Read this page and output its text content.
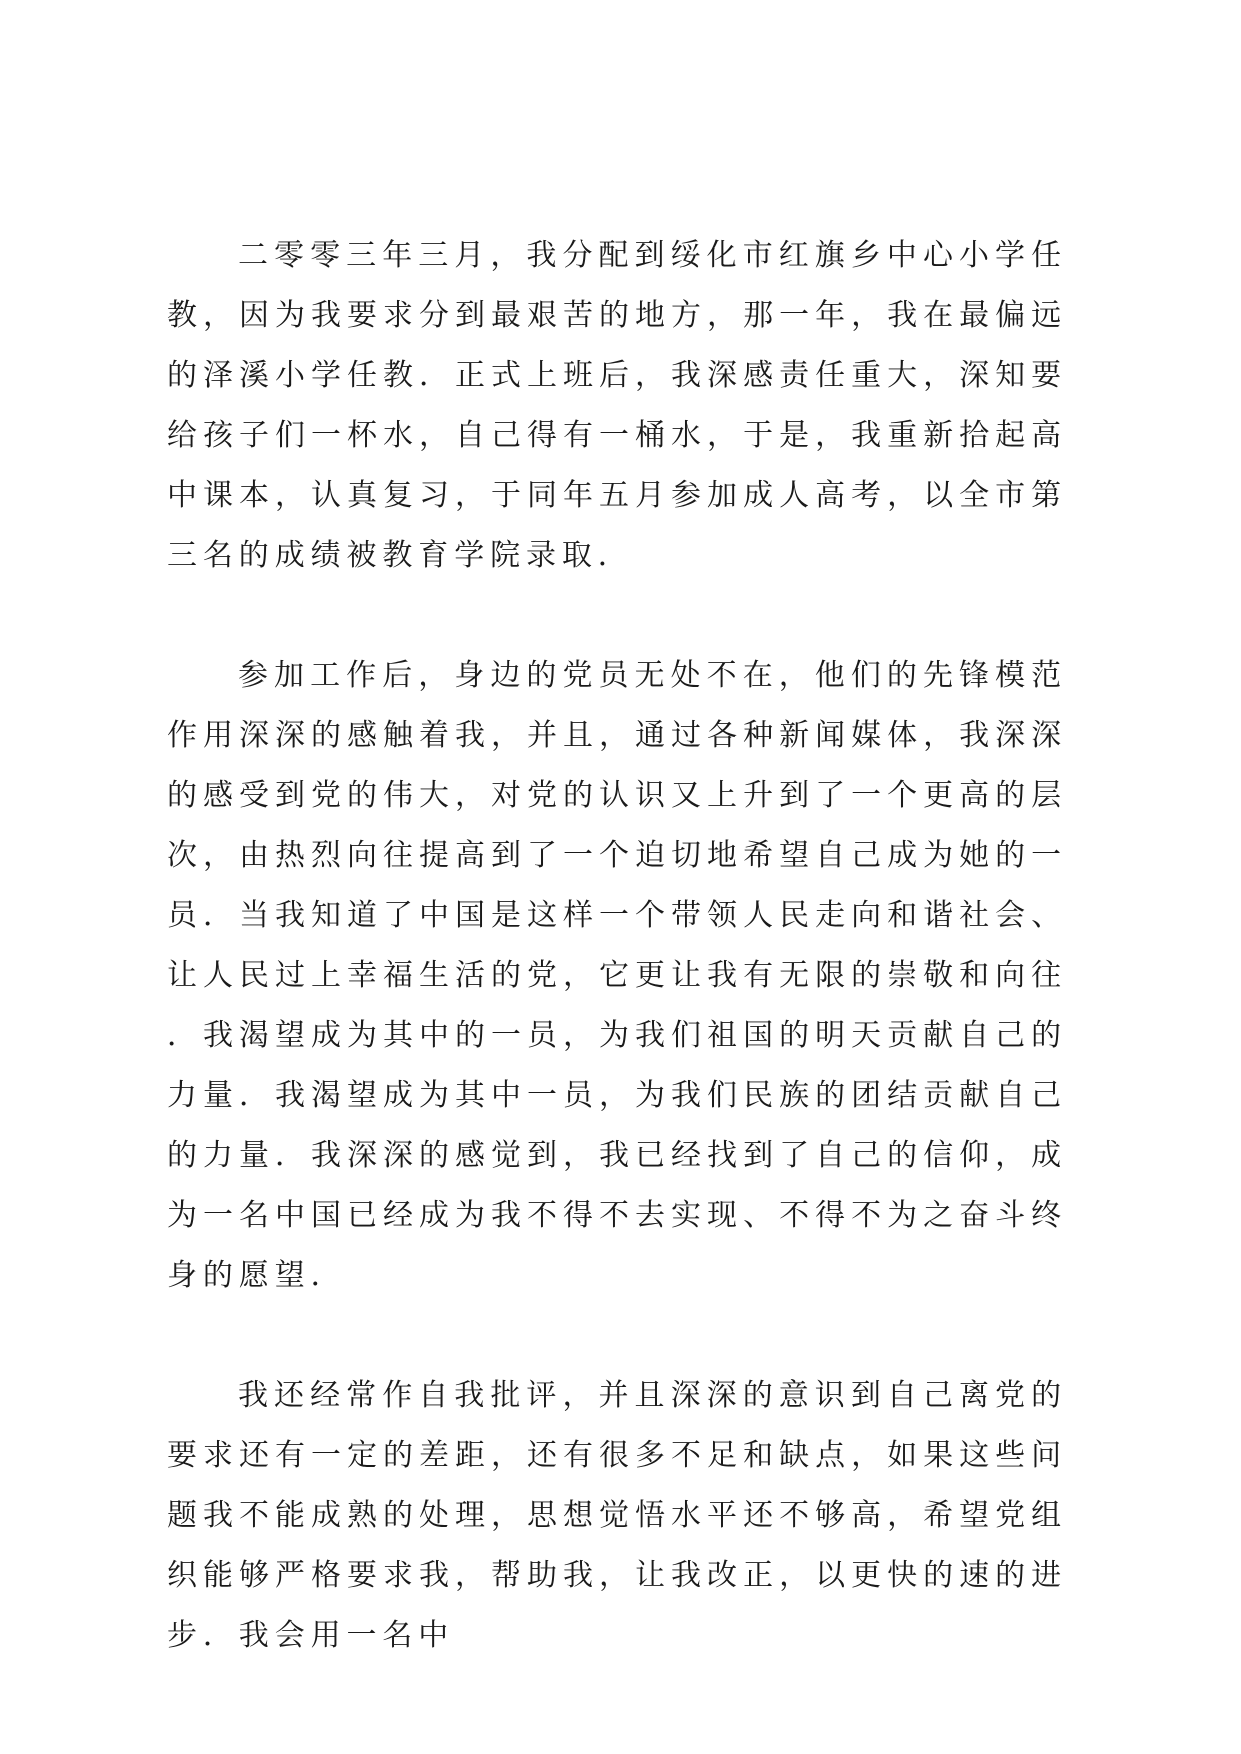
二零零三年三月，我分配到绥化市红旗乡中心小学任教，因为我要求分到最艰苦的地方，那一年，我在最偏远的泽溪小学任教．正式上班后，我深感责任重大，深知要给孩子们一杯水，自己得有一桶水，于是，我重新拾起高中课本，认真复习，于同年五月参加成人高考，以全市第三名的成绩被教育学院录取．

参加工作后，身边的党员无处不在，他们的先锋模范作用深深的感触着我，并且，通过各种新闻媒体，我深深的感受到党的伟大，对党的认识又上升到了一个更高的层次，由热烈向往提高到了一个迫切地希望自己成为她的一员．当我知道了中国是这样一个带领人民走向和谐社会、让人民过上幸福生活的党，它更让我有无限的崇敬和向往．我渴望成为其中的一员，为我们祖国的明天贡献自己的力量．我渴望成为其中一员，为我们民族的团结贡献自己的力量．我深深的感觉到，我已经找到了自己的信仰，成为一名中国已经成为我不得不去实现、不得不为之奋斗终身的愿望．

我还经常作自我批评，并且深深的意识到自己离党的要求还有一定的差距，还有很多不足和缺点，如果这些问题我不能成熟的处理，思想觉悟水平还不够高，希望党组织能够严格要求我，帮助我，让我改正，以更快的速的进步．我会用一名中
